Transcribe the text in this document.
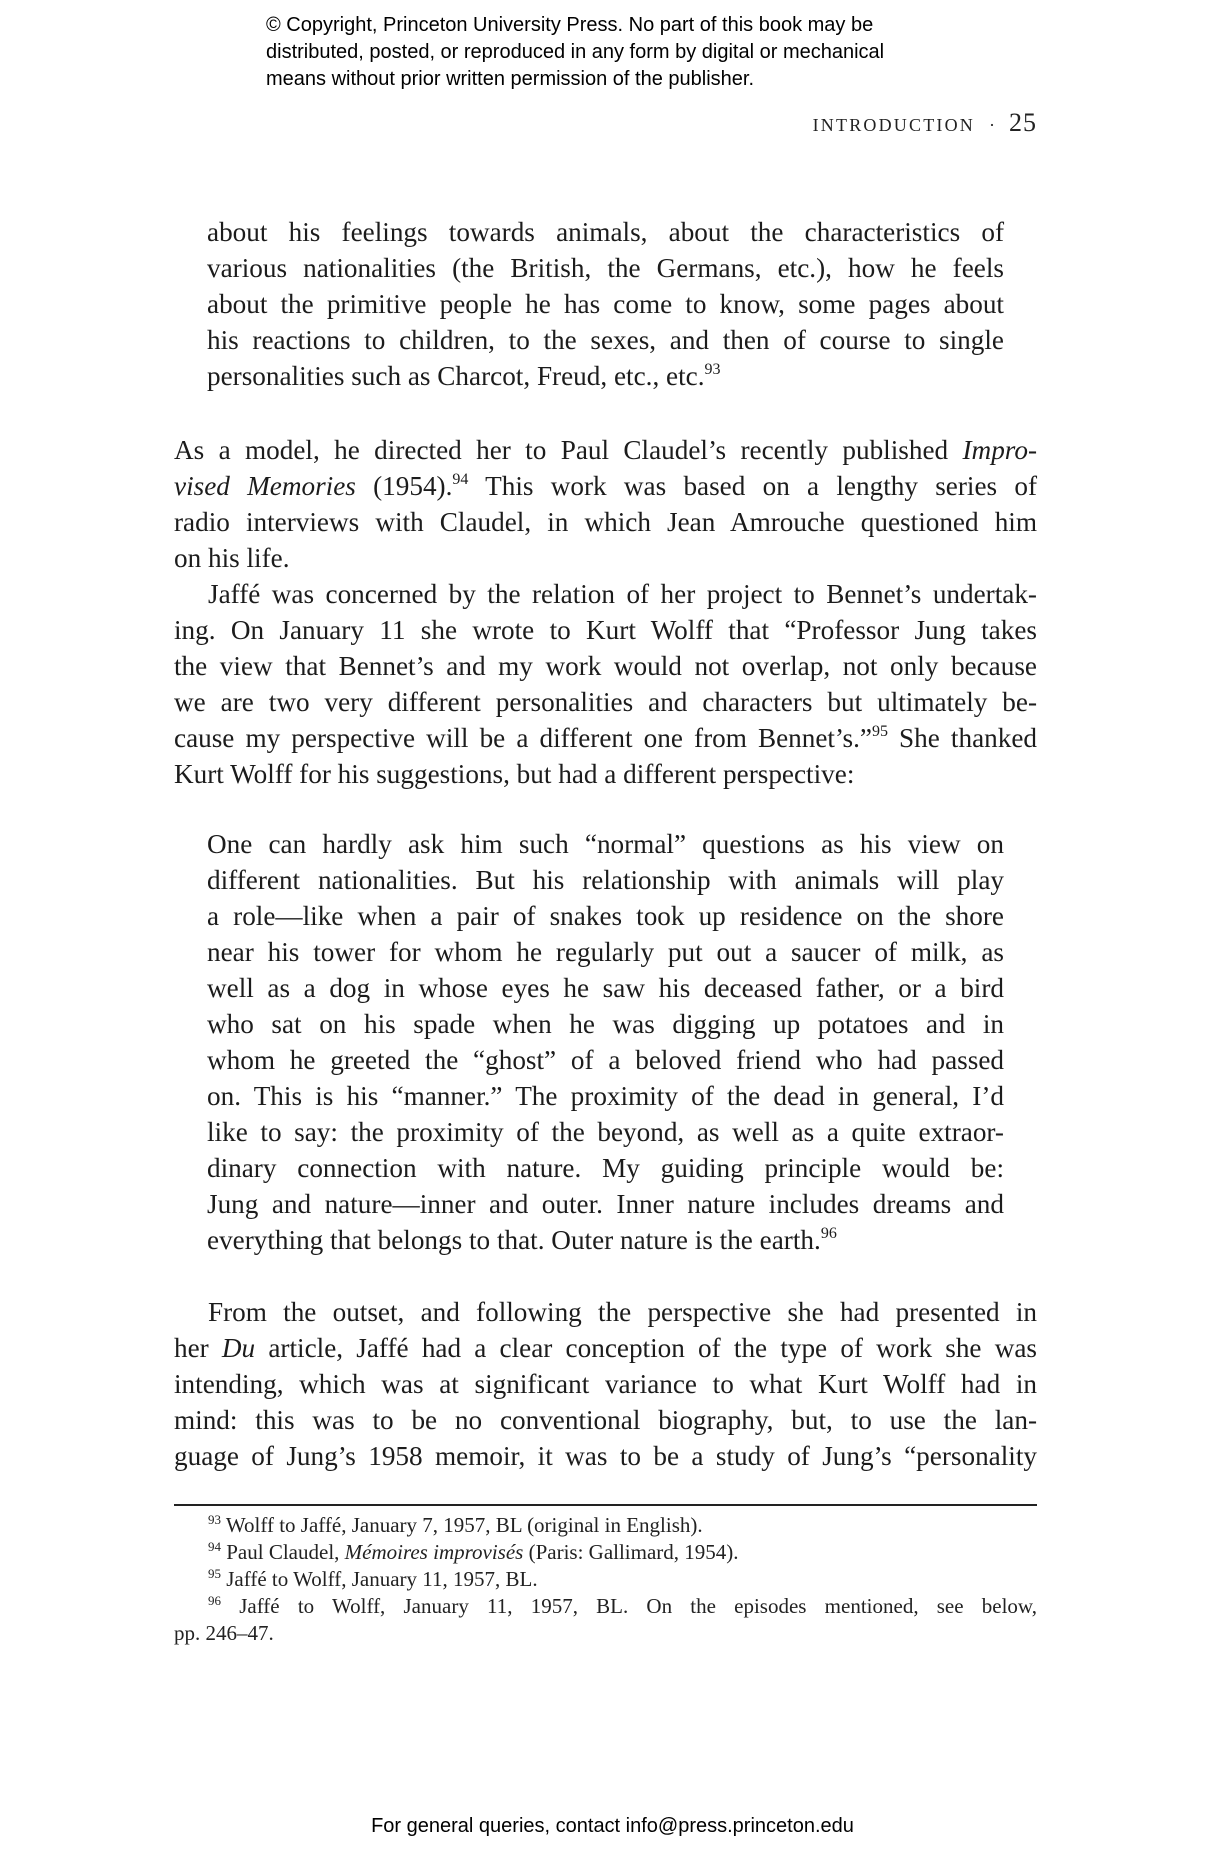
© Copyright, Princeton University Press. No part of this book may be
distributed, posted, or reproduced in any form by digital or mechanical
means without prior written permission of the publisher.
INTRODUCTION · 25
about his feelings towards animals, about the characteristics of
various nationalities (the British, the Germans, etc.), how he feels
about the primitive people he has come to know, some pages about
his reactions to children, to the sexes, and then of course to single
personalities such as Charcot, Freud, etc., etc.$^{93}$
As a model, he directed her to Paul Claudel’s recently published Impro-
vised Memories (1954).$^{94}$ This work was based on a lengthy series of
radio interviews with Claudel, in which Jean Amrouche questioned him
on his life.
Jaffé was concerned by the relation of her project to Bennet’s undertak-
ing. On January 11 she wrote to Kurt Wolff that “Professor Jung takes
the view that Bennet’s and my work would not overlap, not only because
we are two very different personalities and characters but ultimately be-
cause my perspective will be a different one from Bennet’s.”$^{95}$ She thanked
Kurt Wolff for his suggestions, but had a different perspective:
One can hardly ask him such “normal” questions as his view on
different nationalities. But his relationship with animals will play
a role—like when a pair of snakes took up residence on the shore
near his tower for whom he regularly put out a saucer of milk, as
well as a dog in whose eyes he saw his deceased father, or a bird
who sat on his spade when he was digging up potatoes and in
whom he greeted the “ghost” of a beloved friend who had passed
on. This is his “manner.” The proximity of the dead in general, I’d
like to say: the proximity of the beyond, as well as a quite extraor-
dinary connection with nature. My guiding principle would be:
Jung and nature—inner and outer. Inner nature includes dreams and
everything that belongs to that. Outer nature is the earth.$^{96}$
From the outset, and following the perspective she had presented in
her Du article, Jaffé had a clear conception of the type of work she was
intending, which was at significant variance to what Kurt Wolff had in
mind: this was to be no conventional biography, but, to use the lan-
guage of Jung’s 1958 memoir, it was to be a study of Jung’s “personality
$^{93}$ Wolff to Jaffé, January 7, 1957, BL (original in English).
$^{94}$ Paul Claudel, Mémoires improvisés (Paris: Gallimard, 1954).
$^{95}$ Jaffé to Wolff, January 11, 1957, BL.
$^{96}$ Jaffé to Wolff, January 11, 1957, BL. On the episodes mentioned, see below,
pp. 246–47.
For general queries, contact info@press.princeton.edu
